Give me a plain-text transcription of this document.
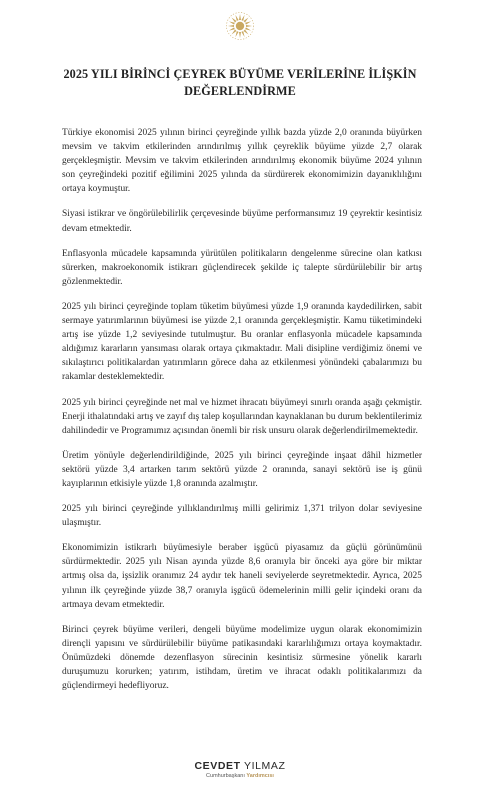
2025 YILI BİRİNCİ ÇEYREK BÜYÜME VERİLERİNE İLİŞKİN
DEĞERLENDİRME

Türkiye ekonomisi 2025 yılının birinci çeyreğinde yıllık bazda yüzde 2,0 oranında büyürken mevsim ve takvim etkilerinden arındırılmış yıllık çeyreklik büyüme yüzde 2,7 olarak gerçekleşmiştir. Mevsim ve takvim etkilerinden arındırılmış ekonomik büyüme 2024 yılının son çeyreğindeki pozitif eğilimini 2025 yılında da sürdürerek ekonomimizin dayanıklılığını ortaya koymuştur.

Siyasi istikrar ve öngörülebilirlik çerçevesinde büyüme performansımız 19 çeyrektir kesintisiz devam etmektedir.

Enflasyonla mücadele kapsamında yürütülen politikaların dengelenme sürecine olan katkısı sürerken, makroekonomik istikrarı güçlendirecek şekilde iç talepte sürdürülebilir bir artış gözlenmektedir.

2025 yılı birinci çeyreğinde toplam tüketim büyümesi yüzde 1,9 oranında kaydedilirken, sabit sermaye yatırımlarının büyümesi ise yüzde 2,1 oranında gerçekleşmiştir. Kamu tüketimindeki artış ise yüzde 1,2 seviyesinde tutulmuştur. Bu oranlar enflasyonla mücadele kapsamında aldığımız kararların yansıması olarak ortaya çıkmaktadır. Mali disipline verdiğimiz önemi ve sıkılaştırıcı politikalardan yatırımların görece daha az etkilenmesi yönündeki çabalarımızı bu rakamlar desteklemektedir.

2025 yılı birinci çeyreğinde net mal ve hizmet ihracatı büyümeyi sınırlı oranda aşağı çekmiştir. Enerji ithalatındaki artış ve zayıf dış talep koşullarından kaynaklanan bu durum beklentilerimiz dahilindedir ve Programımız açısından önemli bir risk unsuru olarak değerlendirilmemektedir.

Üretim yönüyle değerlendirildiğinde, 2025 yılı birinci çeyreğinde inşaat dâhil hizmetler sektörü yüzde 3,4 artarken tarım sektörü yüzde 2 oranında, sanayi sektörü ise iş günü kayıplarının etkisiyle yüzde 1,8 oranında azalmıştır.

2025 yılı birinci çeyreğinde yıllıklandırılmış milli gelirimiz 1,371 trilyon dolar seviyesine ulaşmıştır.

Ekonomimizin istikrarlı büyümesiyle beraber işgücü piyasamız da güçlü görünümünü sürdürmektedir. 2025 yılı Nisan ayında yüzde 8,6 oranıyla bir önceki aya göre bir miktar artmış olsa da, işsizlik oranımız 24 aydır tek haneli seviyelerde seyretmektedir. Ayrıca, 2025 yılının ilk çeyreğinde yüzde 38,7 oranıyla işgücü ödemelerinin milli gelir içindeki oranı da artmaya devam etmektedir.

Birinci çeyrek büyüme verileri, dengeli büyüme modelimize uygun olarak ekonomimizin dirençli yapısını ve sürdürülebilir büyüme patikasındaki kararlılığımızı ortaya koymaktadır. Önümüzdeki dönemde dezenflasyon sürecinin kesintisiz sürmesine yönelik kararlı duruşumuzu korurken; yatırım, istihdam, üretim ve ihracat odaklı politikalarımızı da güçlendirmeyi hedefliyoruz.

CEVDET YILMAZ
Cumhurbaşkanı Yardımcısı
